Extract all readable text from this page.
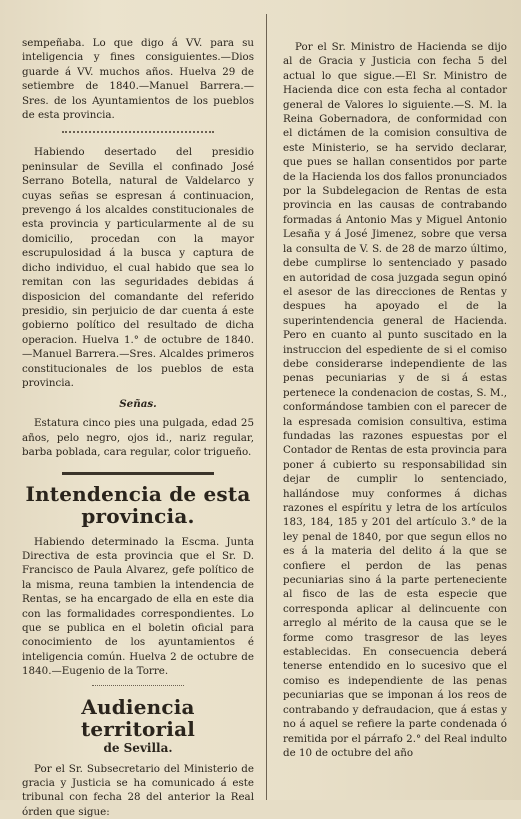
sempeñaba. Lo que digo á VV. para su inteligencia y fines consiguientes.—Dios guarde á VV. muchos años. Huelva 29 de setiembre de 1840.—Manuel Barrera.—Sres. de los Ayuntamientos de los pueblos de esta provincia.

Habiendo desertado del presidio peninsular de Sevilla el confinado José Serrano Botella, natural de Valdelarco y cuyas señas se espresan á continuacion, prevengo á los alcaldes constitucionales de esta provincia y particularmente al de su domicilio, procedan con la mayor escrupulosidad á la busca y captura de dicho individuo, el cual habido que sea lo remitan con las seguridades debidas á disposicion del comandante del referido presidio, sin perjuicio de dar cuenta á este gobierno político del resultado de dicha operacion. Huelva 1.° de octubre de 1840.—Manuel Barrera.—Sres. Alcaldes primeros constitucionales de los pueblos de esta provincia.

Señas.

Estatura cinco pies una pulgada, edad 25 años, pelo negro, ojos id., nariz regular, barba poblada, cara regular, color trigueño.

Intendencia de esta provincia.

Habiendo determinado la Escma. Junta Directiva de esta provincia que el Sr. D. Francisco de Paula Alvarez, gefe político de la misma, reuna tambien la intendencia de Rentas, se ha encargado de ella en este dia con las formalidades correspondientes. Lo que se publica en el boletin oficial para conocimiento de los ayuntamientos é inteligencia común. Huelva 2 de octubre de 1840.—Eugenio de la Torre.

Audiencia territorial
de Sevilla.

Por el Sr. Subsecretario del Ministerio de gracia y Justicia se ha comunicado á este tribunal con fecha 28 del anterior la Real órden que sigue:

Por el Sr. Ministro de Hacienda se dijo al de Gracia y Justicia con fecha 5 del actual lo que sigue.—El Sr. Ministro de Hacienda dice con esta fecha al contador general de Valores lo siguiente.—S. M. la Reina Gobernadora, de conformidad con el dictámen de la comision consultiva de este Ministerio, se ha servido declarar, que pues se hallan consentidos por parte de la Hacienda los dos fallos pronunciados por la Subdelegacion de Rentas de esta provincia en las causas de contrabando formadas á Antonio Mas y Miguel Antonio Lesaña y á José Jimenez, sobre que versa la consulta de V. S. de 28 de marzo último, debe cumplirse lo sentenciado y pasado en autoridad de cosa juzgada segun opinó el asesor de las direcciones de Rentas y despues ha apoyado el de la superintendencia general de Hacienda. Pero en cuanto al punto suscitado en la instruccion del espediente de si el comiso debe considerarse independiente de las penas pecuniarias y de si á estas pertenece la condenacion de costas, S. M., conformándose tambien con el parecer de la espresada comision consultiva, estima fundadas las razones espuestas por el Contador de Rentas de esta provincia para poner á cubierto su responsabilidad sin dejar de cumplir lo sentenciado, hallándose muy conformes á dichas razones el espíritu y letra de los artículos 183, 184, 185 y 201 del artículo 3.° de la ley penal de 1840, por que segun ellos no es á la materia del delito á la que se confiere el perdon de las penas pecuniarias sino á la parte perteneciente al fisco de las de esta especie que corresponda aplicar al delincuente con arreglo al mérito de la causa que se le forme como trasgresor de las leyes establecidas. En consecuencia deberá tenerse entendido en lo sucesivo que el comiso es independiente de las penas pecuniarias que se imponan á los reos de contrabando y defraudacion, que á estas y no á aquel se refiere la parte condenada ó remitida por el párrafo 2.° del Real indulto de 10 de octubre del año
